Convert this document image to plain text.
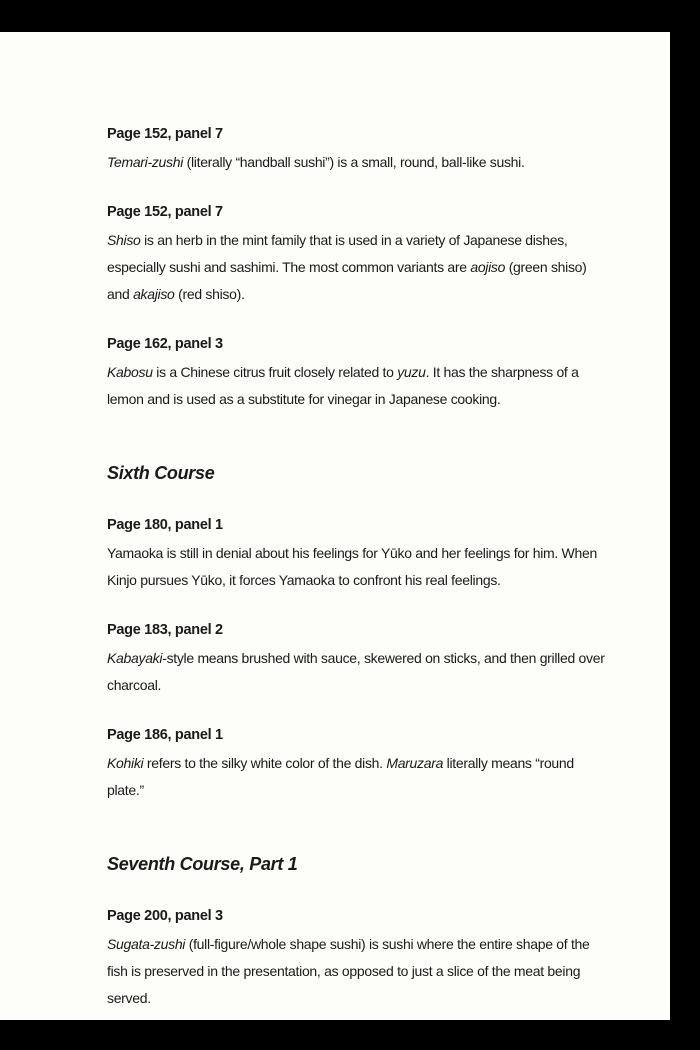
Page 152, panel 7

Temari-zushi (literally “handball sushi”) is a small, round, ball-like sushi.

Page 152, panel 7

Shiso is an herb in the mint family that is used in a variety of Japanese dishes, especially sushi and sashimi. The most common variants are aojiso (green shiso) and akajiso (red shiso).

Page 162, panel 3

Kabosu is a Chinese citrus fruit closely related to yuzu. It has the sharpness of a lemon and is used as a substitute for vinegar in Japanese cooking.

Sixth Course

Page 180, panel 1

Yamaoka is still in denial about his feelings for Yūko and her feelings for him. When Kinjo pursues Yūko, it forces Yamaoka to confront his real feelings.

Page 183, panel 2

Kabayaki-style means brushed with sauce, skewered on sticks, and then grilled over charcoal.

Page 186, panel 1

Kohiki refers to the silky white color of the dish. Maruzara literally means “round plate.”

Seventh Course, Part 1

Page 200, panel 3

Sugata-zushi (full-figure/whole shape sushi) is sushi where the entire shape of the fish is preserved in the presentation, as opposed to just a slice of the meat being served.
